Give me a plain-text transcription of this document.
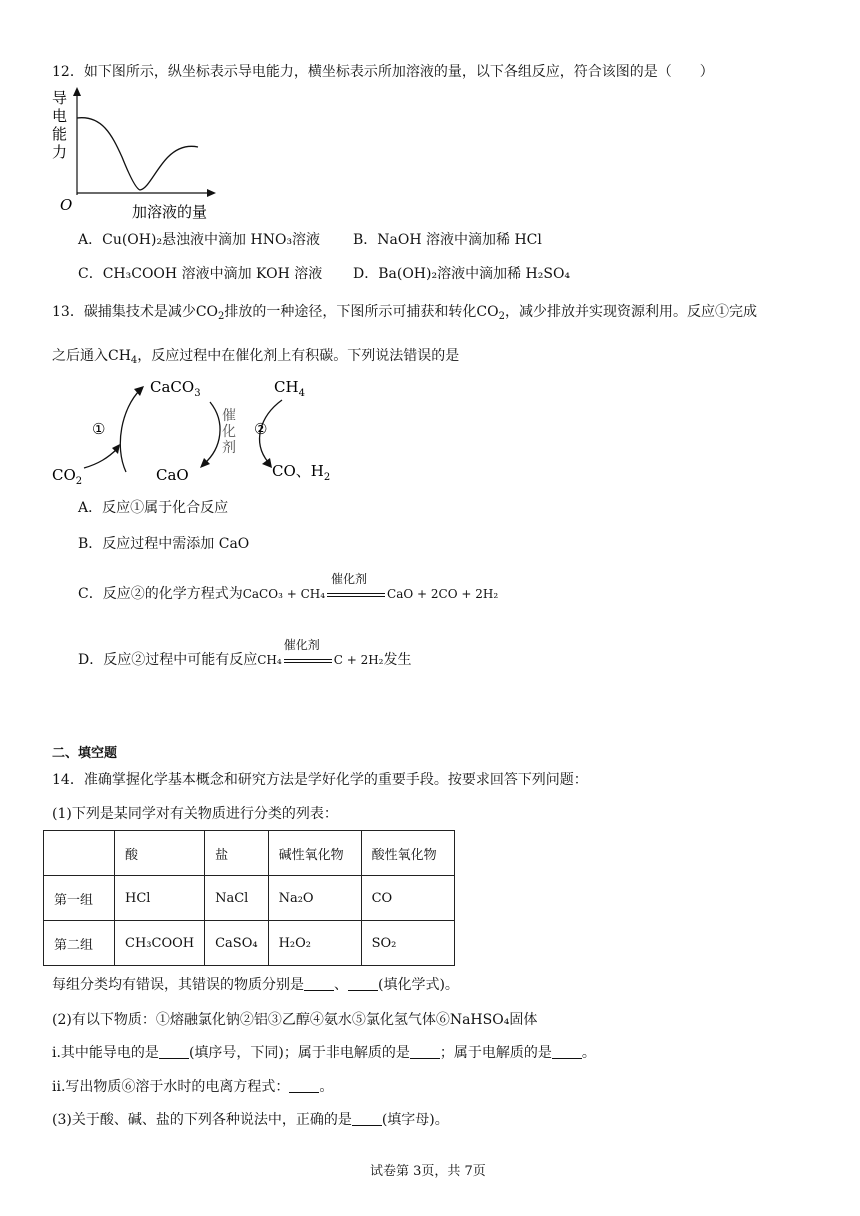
12．如下图所示，纵坐标表示导电能力，横坐标表示所加溶液的量，以下各组反应，符合该图的是（　　）
导
电
能
力
O	加溶液的量
A．Cu(OH)₂悬浊液中滴加 HNO₃溶液 B．NaOH 溶液中滴加稀 HCl
C．CH₃COOH 溶液中滴加 KOH 溶液 D．Ba(OH)₂溶液中滴加稀 H₂SO₄
13．碳捕集技术是减少$CO_2$排放的一种途径，下图所示可捕获和转化$CO_2$，减少排放并实现资源利用。反应①完成
之后通入$CH_4$，反应过程中在催化剂上有积碳。下列说法错误的是
CaCO$_3$	$CH_4$
①	②
催
化
剂
$CO_2$	CaO	CO、$H_2$
A．反应①属于化合反应
B．反应过程中需添加 CaO
C．反应②的化学方程式为CaCO₃ + CH₄
催化剂
CaO + 2CO + 2H₂
D．反应②过程中可能有反应CH₄
催化剂
C + 2H₂发生
二、填空题
14．准确掌握化学基本概念和研究方法是学好化学的重要手段。按要求回答下列问题：
(1)下列是某同学对有关物质进行分类的列表：
	酸	盐	碱性氧化物	酸性氧化物
第一组	HCl	NaCl	Na₂O	CO
第二组	CH₃COOH	CaSO₄	H₂O₂	SO₂
每组分类均有错误，其错误的物质分别是 、 (填化学式)。
(2)有以下物质：①熔融氯化钠②铝③乙醇④氨水⑤氯化氢气体⑥NaHSO₄固体
i.其中能导电的是 (填序号，下同)；属于非电解质的是 ；属于电解质的是 。
ii.写出物质⑥溶于水时的电离方程式： 。
(3)关于酸、碱、盐的下列各种说法中，正确的是 (填字母)。
试卷第 3页，共 7页
